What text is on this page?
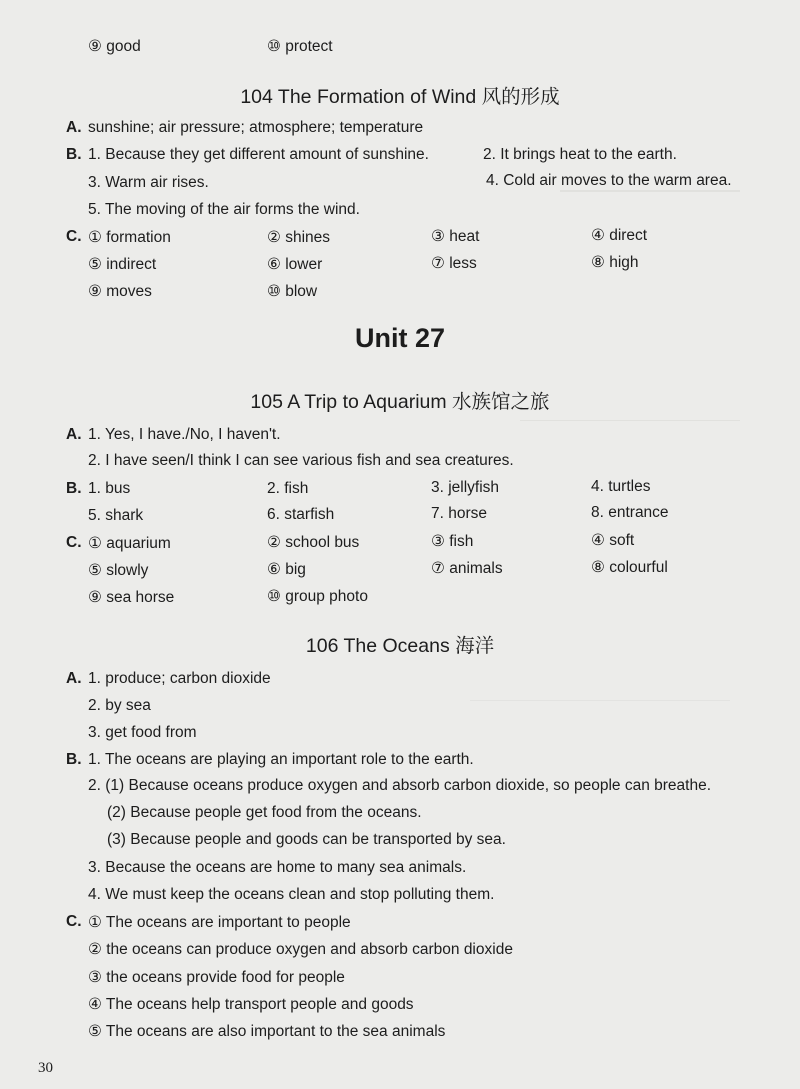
⑨ good	⑩ protect
104 The Formation of Wind 风的形成
A. sunshine; air pressure; atmosphere; temperature
B. 1. Because they get different amount of sunshine.	2. It brings heat to the earth.
3. Warm air rises.	4. Cold air moves to the warm area.
5. The moving of the air forms the wind.
C. ① formation	② shines	③ heat	④ direct
⑤ indirect	⑥ lower	⑦ less	⑧ high
⑨ moves	⑩ blow
Unit 27
105 A Trip to Aquarium 水族馆之旅
A. 1. Yes, I have./No, I haven't.
2. I have seen/I think I can see various fish and sea creatures.
B. 1. bus	2. fish	3. jellyfish	4. turtles
5. shark	6. starfish	7. horse	8. entrance
C. ① aquarium	② school bus	③ fish	④ soft
⑤ slowly	⑥ big	⑦ animals	⑧ colourful
⑨ sea horse	⑩ group photo
106 The Oceans 海洋
A. 1. produce; carbon dioxide
2. by sea
3. get food from
B. 1. The oceans are playing an important role to the earth.
2. (1) Because oceans produce oxygen and absorb carbon dioxide, so people can breathe.
(2) Because people get food from the oceans.
(3) Because people and goods can be transported by sea.
3. Because the oceans are home to many sea animals.
4. We must keep the oceans clean and stop polluting them.
C. ① The oceans are important to people
② the oceans can produce oxygen and absorb carbon dioxide
③ the oceans provide food for people
④ The oceans help transport people and goods
⑤ The oceans are also important to the sea animals
30
